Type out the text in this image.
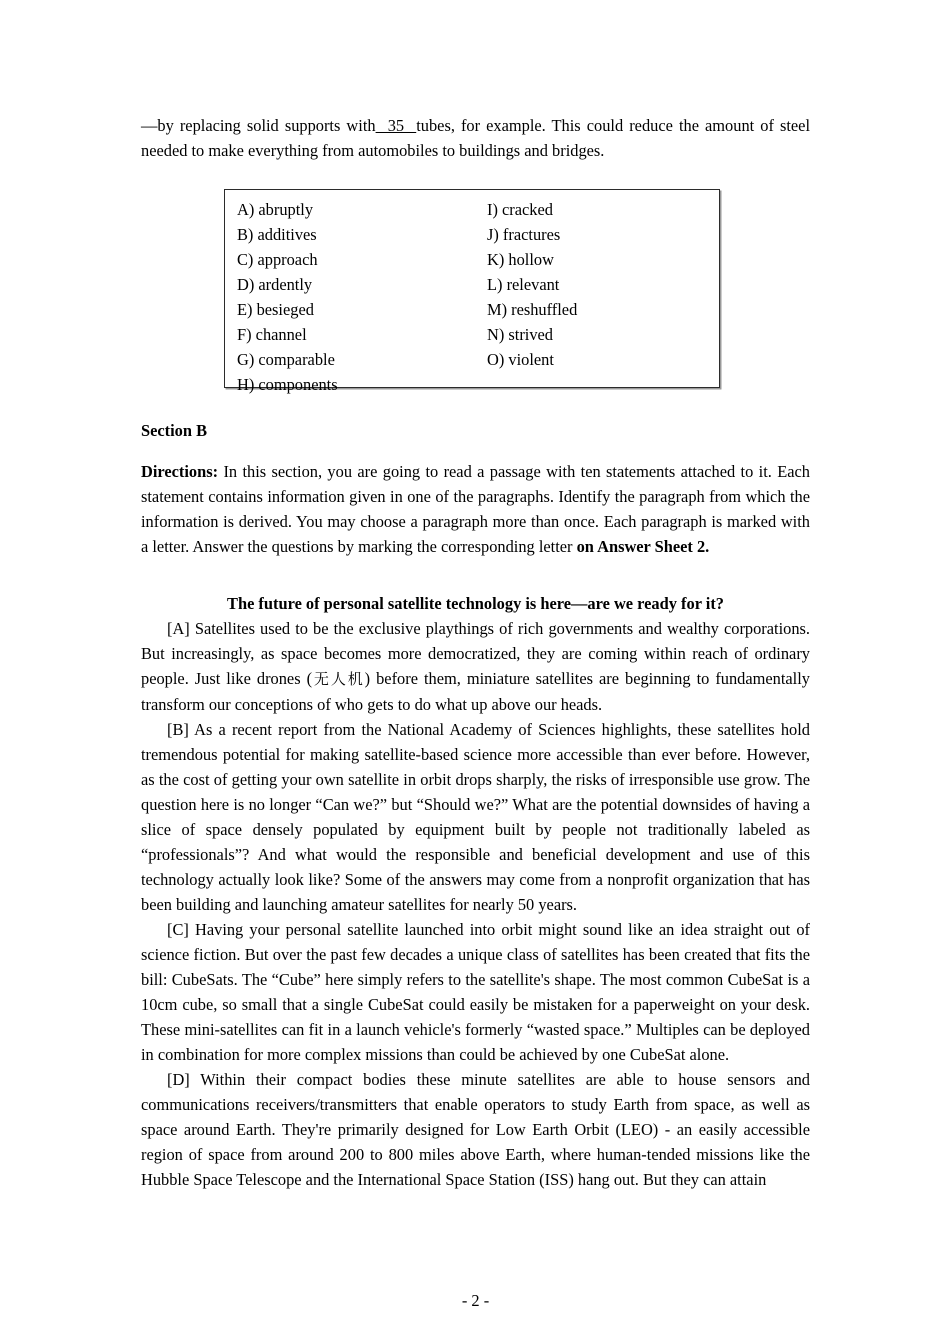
—by replacing solid supports with  35  tubes, for example. This could reduce the amount of steel needed to make everything from automobiles to buildings and bridges.

A) abruptly
B) additives
C) approach
D) ardently
E) besieged
F) channel
G) comparable
H) components
I) cracked
J) fractures
K) hollow
L) relevant
M) reshuffled
N) strived
O) violent
Section B

Directions: In this section, you are going to read a passage with ten statements attached to it. Each statement contains information given in one of the paragraphs. Identify the paragraph from which the information is derived. You may choose a paragraph more than once. Each paragraph is marked with a letter. Answer the questions by marking the corresponding letter on Answer Sheet 2.

The future of personal satellite technology is here—are we ready for it?

[A] Satellites used to be the exclusive playthings of rich governments and wealthy corporations. But increasingly, as space becomes more democratized, they are coming within reach of ordinary people. Just like drones (无人机) before them, miniature satellites are beginning to fundamentally transform our conceptions of who gets to do what up above our heads.

[B] As a recent report from the National Academy of Sciences highlights, these satellites hold tremendous potential for making satellite-based science more accessible than ever before. However, as the cost of getting your own satellite in orbit drops sharply, the risks of irresponsible use grow. The question here is no longer “Can we?” but “Should we?” What are the potential downsides of having a slice of space densely populated by equipment built by people not traditionally labeled as “professionals”? And what would the responsible and beneficial development and use of this technology actually look like? Some of the answers may come from a nonprofit organization that has been building and launching amateur satellites for nearly 50 years.

[C] Having your personal satellite launched into orbit might sound like an idea straight out of science fiction. But over the past few decades a unique class of satellites has been created that fits the bill: CubeSats. The “Cube” here simply refers to the satellite's shape. The most common CubeSat is a 10cm cube, so small that a single CubeSat could easily be mistaken for a paperweight on your desk. These mini-satellites can fit in a launch vehicle's formerly “wasted space.” Multiples can be deployed in combination for more complex missions than could be achieved by one CubeSat alone.

[D] Within their compact bodies these minute satellites are able to house sensors and communications receivers/transmitters that enable operators to study Earth from space, as well as space around Earth. They're primarily designed for Low Earth Orbit (LEO) - an easily accessible region of space from around 200 to 800 miles above Earth, where human-tended missions like the Hubble Space Telescope and the International Space Station (ISS) hang out. But they can attain

- 2 -
